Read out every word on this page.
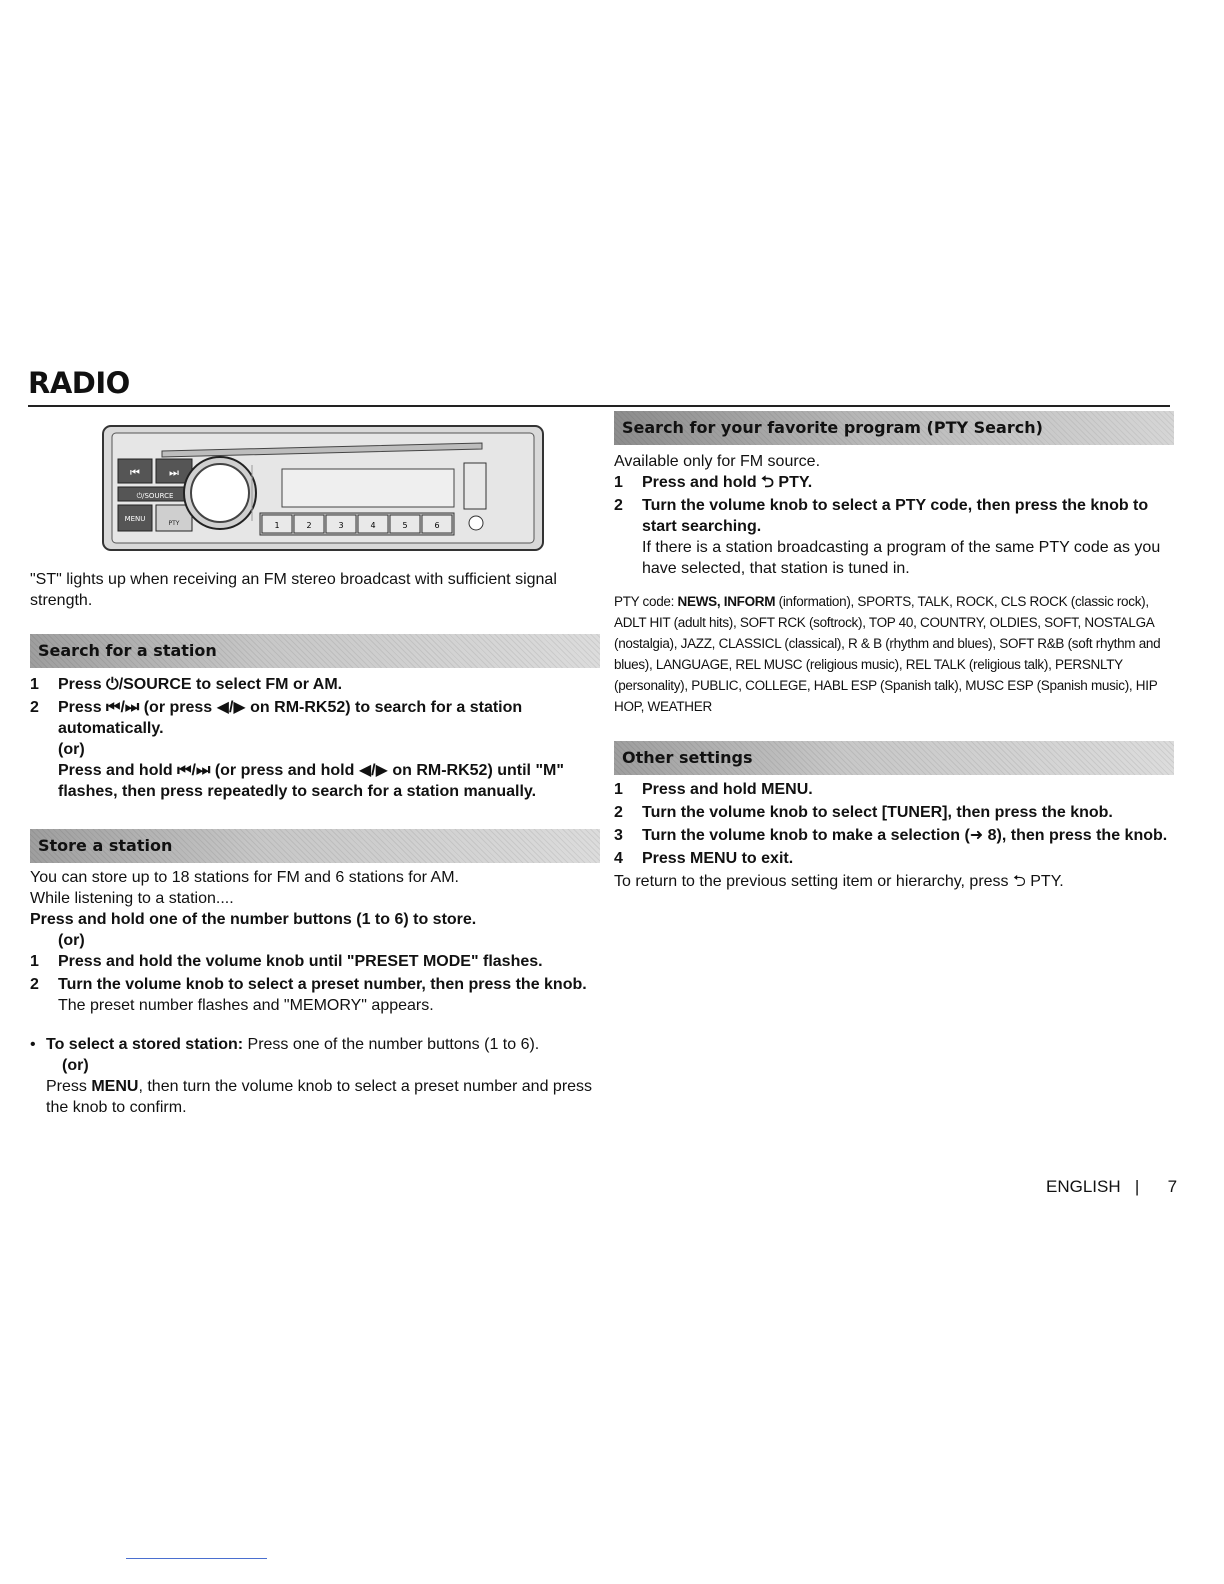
RADIO
⏮	⏭
⏻/SOURCE
MENU
PTY	1	2	3	4	5	6

"ST" lights up when receiving an FM stereo broadcast with sufficient signal strength.

Search for a station
1	Press ⏻/SOURCE to select FM or AM.
2	Press ⏮/⏭ (or press ◀/▶ on RM-RK52) to search for a station automatically.
(or)
Press and hold ⏮/⏭ (or press and hold ◀/▶ on RM-RK52) until "M" flashes, then press repeatedly to search for a station manually.
Store a station

You can store up to 18 stations for FM and 6 stations for AM.

While listening to a station....

Press and hold one of the number buttons (1 to 6) to store.

(or)

1	Press and hold the volume knob until "PRESET MODE" flashes.
2	Turn the volume knob to select a preset number, then press the knob.
The preset number flashes and "MEMORY" appears.
• To select a stored station: Press one of the number buttons (1 to 6).
(or)
Press MENU, then turn the volume knob to select a preset number and press the knob to confirm.
Search for your favorite program (PTY Search)

Available only for FM source.

1	Press and hold ⮌ PTY.
2	Turn the volume knob to select a PTY code, then press the knob to start searching.
If there is a station broadcasting a program of the same PTY code as you have selected, that station is tuned in.

PTY code: NEWS, INFORM (information), SPORTS, TALK, ROCK, CLS ROCK (classic rock), ADLT HIT (adult hits), SOFT RCK (softrock), TOP 40, COUNTRY, OLDIES, SOFT, NOSTALGA (nostalgia), JAZZ, CLASSICL (classical), R & B (rhythm and blues), SOFT R&B (soft rhythm and blues), LANGUAGE, REL MUSC (religious music), REL TALK (religious talk), PERSNLTY (personality), PUBLIC, COLLEGE, HABL ESP (Spanish talk), MUSC ESP (Spanish music), HIP HOP, WEATHER

Other settings
1	Press and hold MENU.
2	Turn the volume knob to select [TUNER], then press the knob.
3	Turn the volume knob to make a selection (➜ 8), then press the knob.
4	Press MENU to exit.

To return to the previous setting item or hierarchy, press ⮌ PTY.

ENGLISH | 7
